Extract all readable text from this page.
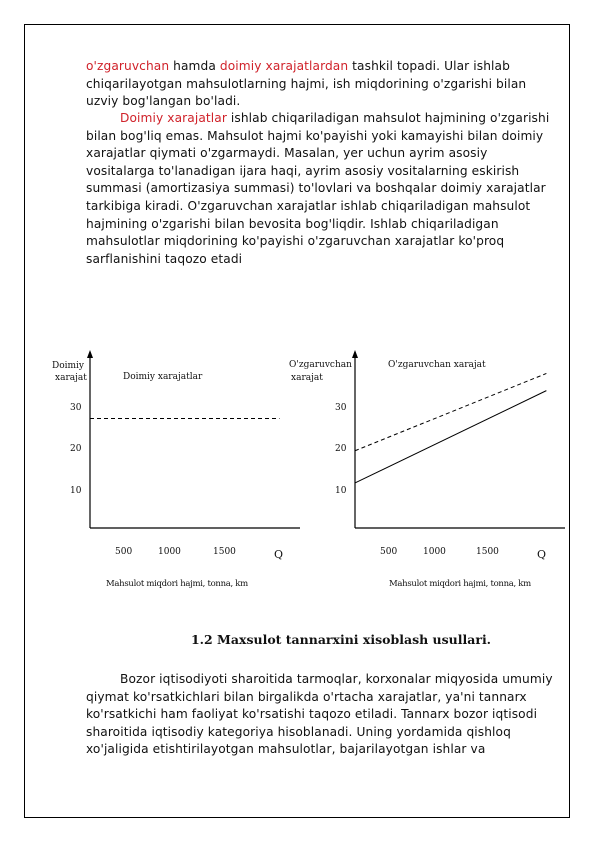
o'zgaruvchan hamda doimiy xarajatlardan tashkil topadi. Ular ishlab chiqarilayotgan mahsulotlarning hajmi, ish miqdorining o'zgarishi bilan uzviy bog'langan bo'ladi.

Doimiy xarajatlar ishlab chiqariladigan mahsulot hajmining o'zgarishi bilan bog'liq emas. Mahsulot hajmi ko'payishi yoki kamayishi bilan doimiy xarajatlar qiymati o'zgarmaydi. Masalan, yer uchun ayrim asosiy vositalarga to'lanadigan ijara haqi, ayrim asosiy vositalarning eskirish summasi (amortizasiya summasi) to'lovlari va boshqalar doimiy xarajatlar tarkibiga kiradi. O'zgaruvchan xarajatlar ishlab chiqariladigan mahsulot hajmining o'zgarishi bilan bevosita bog'liqdir. Ishlab chiqariladigan mahsulotlar miqdorining ko'payishi o'zgaruvchan xarajatlar ko'proq sarflanishini taqozo etadi

Doimiy
xarajat	Doimiy xarajatlar
30
20
10
500	1000	1500	Q
Mahsulot miqdori hajmi, tonna, km
O'zgaruvchan
xarajat
O'zgaruvchan xarajat
30
20
10
500	1000	1500	Q
Mahsulot miqdori hajmi, tonna, km

1.2 Maxsulot tannarxini xisoblash usullari.

Bozor iqtisodiyoti sharoitida tarmoqlar, korxonalar miqyosida umumiy qiymat ko'rsatkichlari bilan birgalikda o'rtacha xarajatlar, ya'ni tannarx ko'rsatkichi ham faoliyat ko'rsatishi taqozo etiladi. Tannarx bozor iqtisodi sharoitida iqtisodiy kategoriya hisoblanadi. Uning yordamida qishloq xo'jaligida etishtirilayotgan mahsulotlar, bajarilayotgan ishlar va
